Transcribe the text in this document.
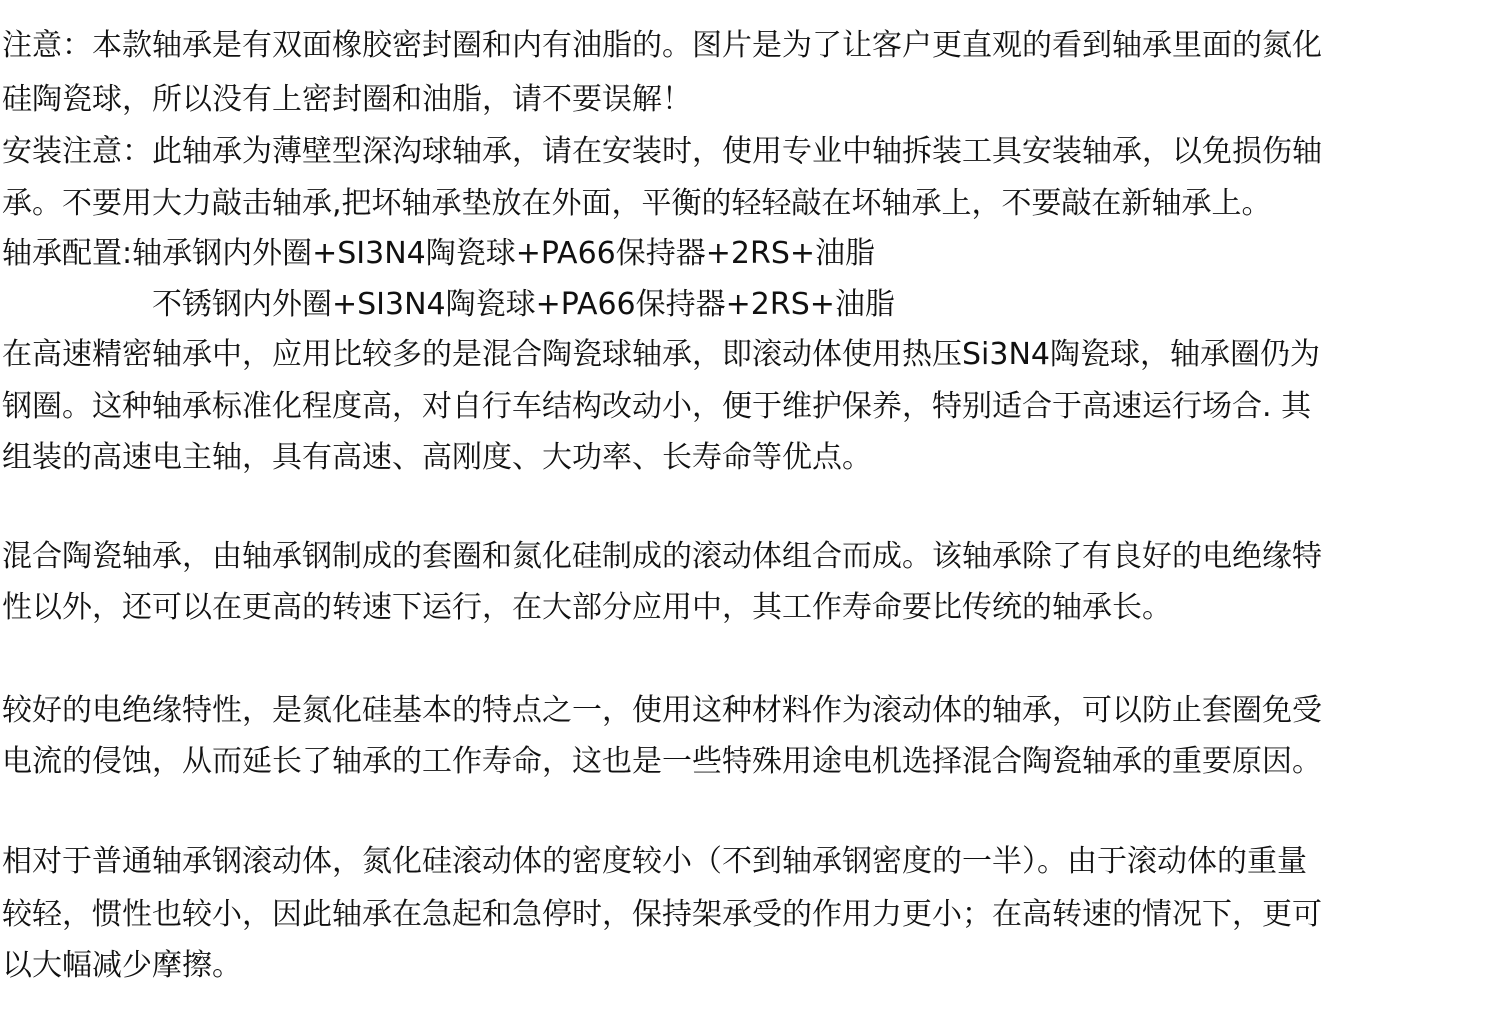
注意：本款轴承是有双面橡胶密封圈和内有油脂的。图片是为了让客户更直观的看到轴承里面的氮化
硅陶瓷球，所以没有上密封圈和油脂，请不要误解！
安装注意：此轴承为薄壁型深沟球轴承，请在安装时，使用专业中轴拆装工具安装轴承，以免损伤轴
承。不要用大力敲击轴承,把坏轴承垫放在外面，平衡的轻轻敲在坏轴承上，不要敲在新轴承上。
轴承配置:轴承钢内外圈+SI3N4陶瓷球+PA66保持器+2RS+油脂
不锈钢内外圈+SI3N4陶瓷球+PA66保持器+2RS+油脂
在高速精密轴承中，应用比较多的是混合陶瓷球轴承，即滚动体使用热压Si3N4陶瓷球，轴承圈仍为
钢圈。这种轴承标准化程度高，对自行车结构改动小，便于维护保养，特别适合于高速运行场合. 其
组装的高速电主轴，具有高速、高刚度、大功率、长寿命等优点。
混合陶瓷轴承，由轴承钢制成的套圈和氮化硅制成的滚动体组合而成。该轴承除了有良好的电绝缘特
性以外，还可以在更高的转速下运行，在大部分应用中，其工作寿命要比传统的轴承长。
较好的电绝缘特性，是氮化硅基本的特点之一，使用这种材料作为滚动体的轴承，可以防止套圈免受
电流的侵蚀，从而延长了轴承的工作寿命，这也是一些特殊用途电机选择混合陶瓷轴承的重要原因。
相对于普通轴承钢滚动体，氮化硅滚动体的密度较小（不到轴承钢密度的一半）。由于滚动体的重量
较轻，惯性也较小，因此轴承在急起和急停时，保持架承受的作用力更小；在高转速的情况下，更可
以大幅减少摩擦。
